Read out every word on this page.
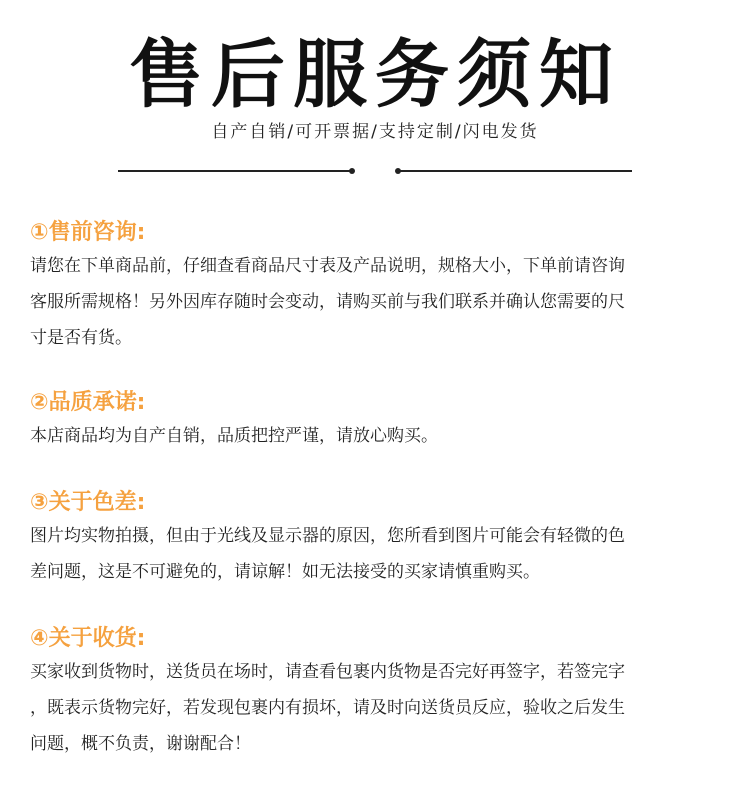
售后服务须知
自产自销/可开票据/支持定制/闪电发货

①售前咨询:

请您在下单商品前，仔细查看商品尺寸表及产品说明，规格大小，下单前请咨询
客服所需规格！另外因库存随时会变动，请购买前与我们联系并确认您需要的尺
寸是否有货。

②品质承诺:

本店商品均为自产自销，品质把控严谨，请放心购买。

③关于色差:

图片均实物拍摄，但由于光线及显示器的原因，您所看到图片可能会有轻微的色
差问题，这是不可避免的，请谅解！如无法接受的买家请慎重购买。

④关于收货:

买家收到货物时，送货员在场时，请查看包裹内货物是否完好再签字，若签完字
，既表示货物完好，若发现包裹内有损坏，请及时向送货员反应，验收之后发生
问题，概不负责，谢谢配合！
